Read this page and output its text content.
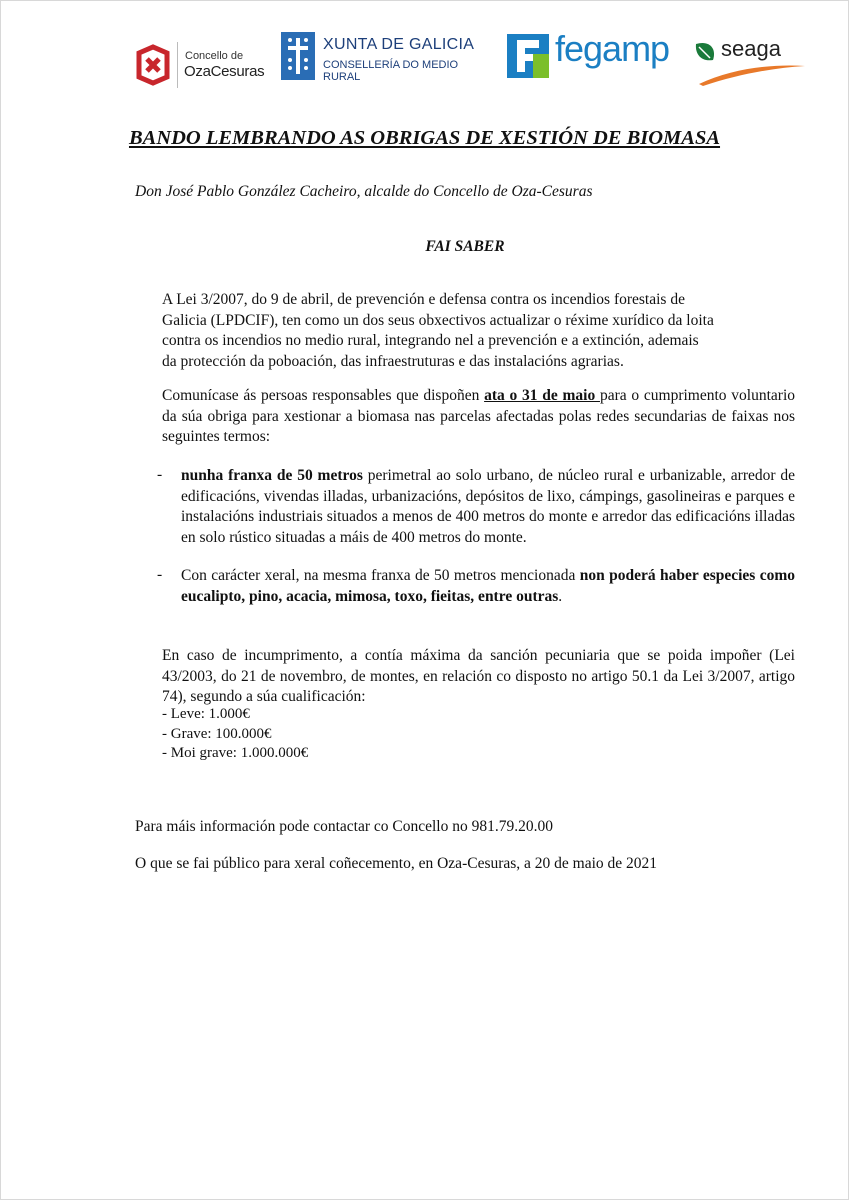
Concello de
OzaCesuras
XUNTA DE GALICIA
CONSELLERÍA DO MEDIO RURAL
fegamp seaga
BANDO LEMBRANDO AS OBRIGAS DE XESTIÓN DE BIOMASA
Don José Pablo González Cacheiro, alcalde do Concello de Oza-Cesuras
FAI SABER
A Lei 3/2007, do 9 de abril, de prevención e defensa contra os incendios forestais de
Galicia (LPDCIF), ten como un dos seus obxectivos actualizar o réxime xurídico da loita
contra os incendios no medio rural, integrando nel a prevención e a extinción, ademais
da protección da poboación, das infraestruturas e das instalacións agrarias.
Comunícase ás persoas responsables que dispoñen ata o 31 de maio para o cumprimento voluntario da súa obriga para xestionar a biomasa nas parcelas afectadas polas redes secundarias de faixas nos seguintes termos:
- nunha franxa de 50 metros perimetral ao solo urbano, de núcleo rural e urbanizable, arredor de edificacións, vivendas illadas, urbanizacións, depósitos de lixo, cámpings, gasolineiras e parques e instalacións industriais situados a menos de 400 metros do monte e arredor das edificacións illadas en solo rústico situadas a máis de 400 metros do monte.
- Con carácter xeral, na mesma franxa de 50 metros mencionada non poderá haber especies como eucalipto, pino, acacia, mimosa, toxo, fieitas, entre outras.
En caso de incumprimento, a contía máxima da sanción pecuniaria que se poida impoñer (Lei 43/2003, do 21 de novembro, de montes, en relación co disposto no artigo 50.1 da Lei 3/2007, artigo 74), segundo a súa cualificación:
- Leve: 1.000€
- Grave: 100.000€
- Moi grave: 1.000.000€
Para máis información pode contactar co Concello no 981.79.20.00
O que se fai público para xeral coñecemento, en Oza-Cesuras, a 20 de maio de 2021
